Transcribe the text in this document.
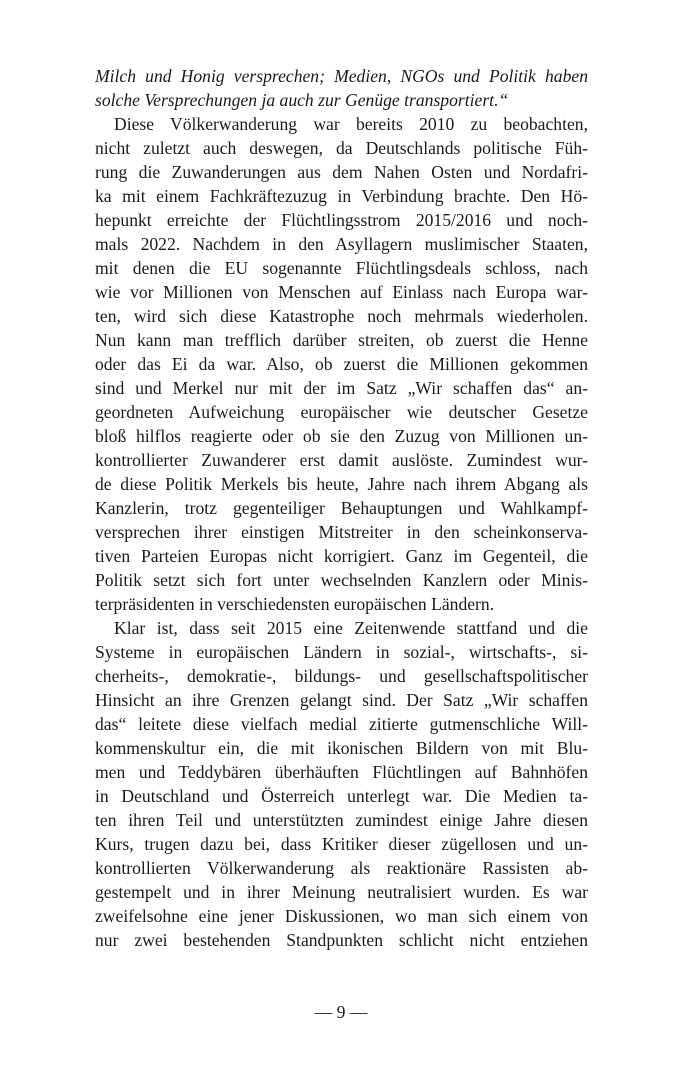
Milch und Honig versprechen; Medien, NGOs und Politik haben
solche Versprechungen ja auch zur Genüge transportiert.“
Diese Völkerwanderung war bereits 2010 zu beobachten,
nicht zuletzt auch deswegen, da Deutschlands politische Füh-
rung die Zuwanderungen aus dem Nahen Osten und Nordafri-
ka mit einem Fachkräftezuzug in Verbindung brachte. Den Hö-
hepunkt erreichte der Flüchtlingsstrom 2015/2016 und noch-
mals 2022. Nachdem in den Asyllagern muslimischer Staaten,
mit denen die EU sogenannte Flüchtlingsdeals schloss, nach
wie vor Millionen von Menschen auf Einlass nach Europa war-
ten, wird sich diese Katastrophe noch mehrmals wiederholen.
Nun kann man trefflich darüber streiten, ob zuerst die Henne
oder das Ei da war. Also, ob zuerst die Millionen gekommen
sind und Merkel nur mit der im Satz „Wir schaffen das“ an-
geordneten Aufweichung europäischer wie deutscher Gesetze
bloß hilflos reagierte oder ob sie den Zuzug von Millionen un-
kontrollierter Zuwanderer erst damit auslöste. Zumindest wur-
de diese Politik Merkels bis heute, Jahre nach ihrem Abgang als
Kanzlerin, trotz gegenteiliger Behauptungen und Wahlkampf-
versprechen ihrer einstigen Mitstreiter in den scheinkonserva-
tiven Parteien Europas nicht korrigiert. Ganz im Gegenteil, die
Politik setzt sich fort unter wechselnden Kanzlern oder Minis-
terpräsidenten in verschiedensten europäischen Ländern.
Klar ist, dass seit 2015 eine Zeitenwende stattfand und die
Systeme in europäischen Ländern in sozial-, wirtschafts-, si-
cherheits-, demokratie-, bildungs- und gesellschaftspolitischer
Hinsicht an ihre Grenzen gelangt sind. Der Satz „Wir schaffen
das“ leitete diese vielfach medial zitierte gutmenschliche Will-
kommenskultur ein, die mit ikonischen Bildern von mit Blu-
men und Teddybären überhäuften Flüchtlingen auf Bahnhöfen
in Deutschland und Österreich unterlegt war. Die Medien ta-
ten ihren Teil und unterstützten zumindest einige Jahre diesen
Kurs, trugen dazu bei, dass Kritiker dieser zügellosen und un-
kontrollierten Völkerwanderung als reaktionäre Rassisten ab-
gestempelt und in ihrer Meinung neutralisiert wurden. Es war
zweifelsohne eine jener Diskussionen, wo man sich einem von
nur zwei bestehenden Standpunkten schlicht nicht entziehen
— 9 —
